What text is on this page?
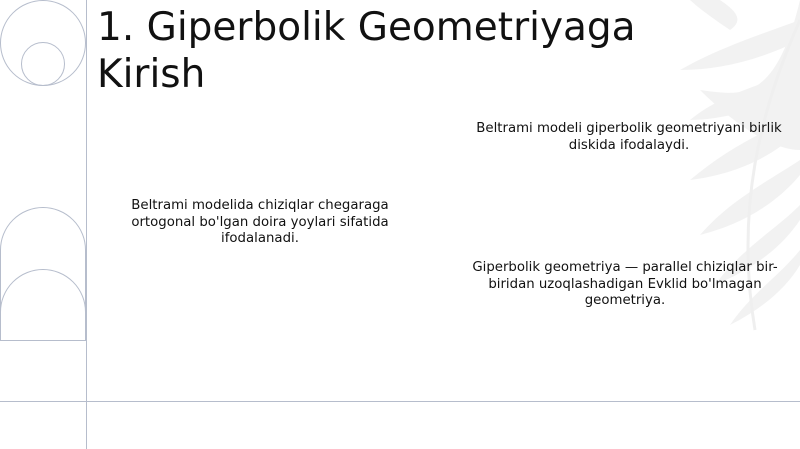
1. Giperbolik Geometriyaga Kirish

Beltrami modeli giperbolik geometriyani birlik diskida ifodalaydi.

Beltrami modelida chiziqlar chegaraga ortogonal bo'lgan doira yoylari sifatida ifodalanadi.

Giperbolik geometriya — parallel chiziqlar bir-biridan uzoqlashadigan Evklid bo'lmagan geometriya.
